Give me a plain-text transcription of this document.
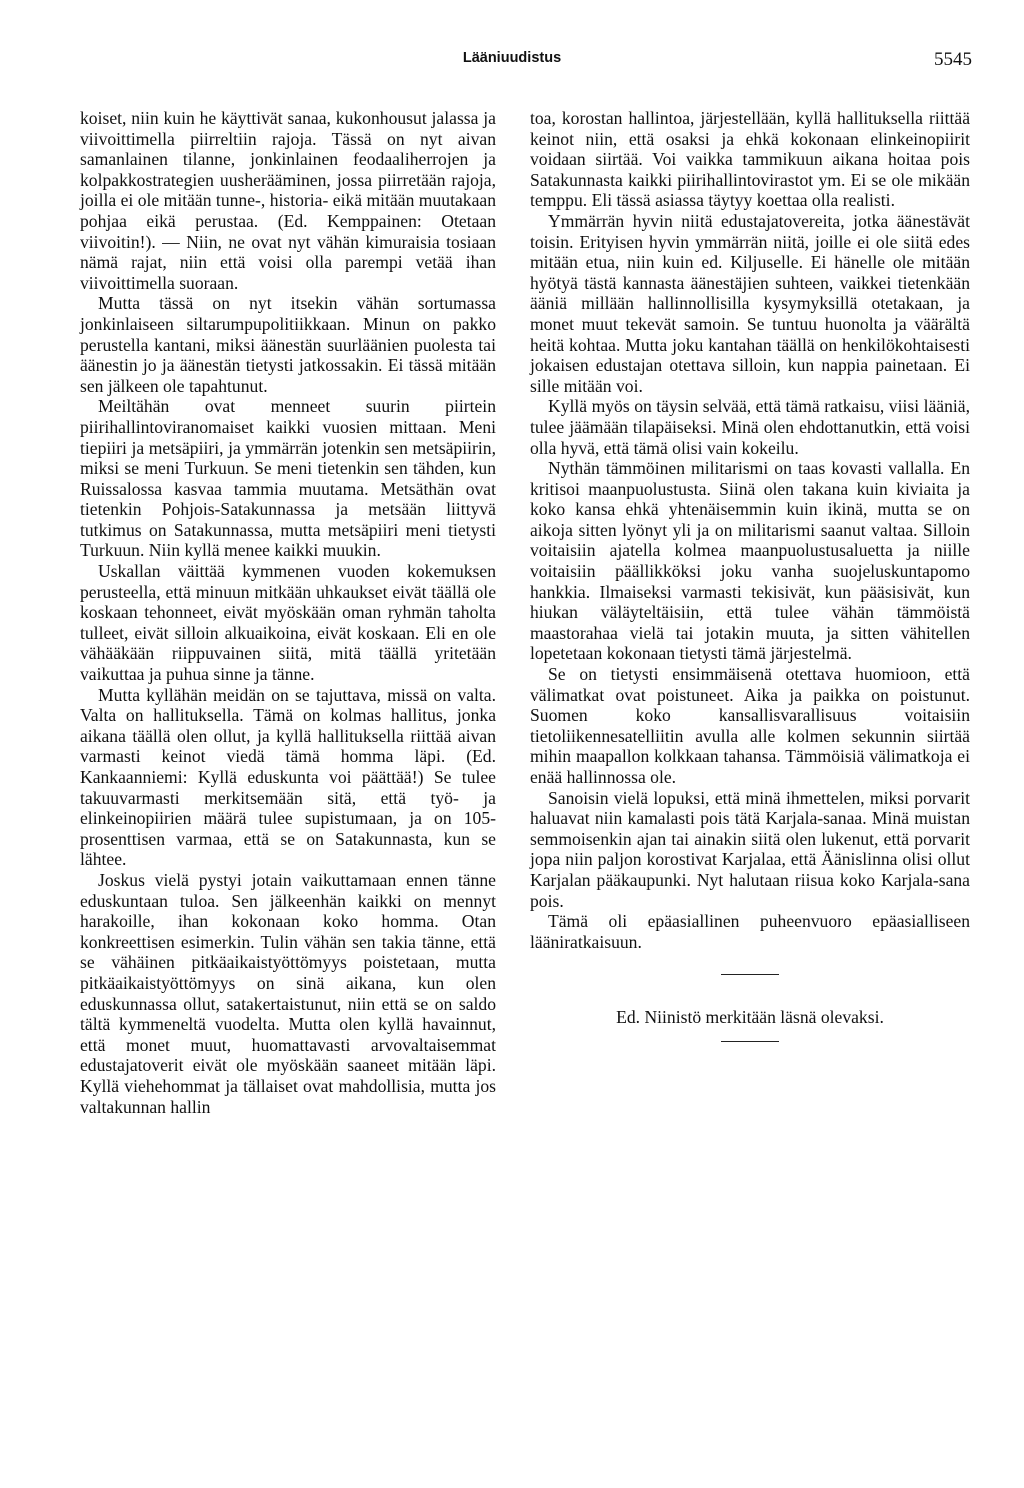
Lääniuudistus	5545

koiset, niin kuin he käyttivät sanaa, kukonhousut jalassa ja viivoittimella piirreltiin rajoja. Tässä on nyt aivan samanlainen tilanne, jonkinlainen feodaaliherrojen ja kolpakkostrategien uusherääminen, jossa piirretään rajoja, joilla ei ole mitään tunne-, historia- eikä mitään muutakaan pohjaa eikä perustaa. (Ed. Kemppainen: Otetaan viivoitin!). — Niin, ne ovat nyt vähän kimuraisia tosiaan nämä rajat, niin että voisi olla parempi vetää ihan viivoittimella suoraan.

Mutta tässä on nyt itsekin vähän sortumassa jonkinlaiseen siltarumpupolitiikkaan. Minun on pakko perustella kantani, miksi äänestän suurläänien puolesta tai äänestin jo ja äänestän tietysti jatkossakin. Ei tässä mitään sen jälkeen ole tapahtunut.

Meiltähän ovat menneet suurin piirtein piirihallintoviranomaiset kaikki vuosien mittaan. Meni tiepiiri ja metsäpiiri, ja ymmärrän jotenkin sen metsäpiirin, miksi se meni Turkuun. Se meni tietenkin sen tähden, kun Ruissalossa kasvaa tammia muutama. Metsäthän ovat tietenkin Pohjois-Satakunnassa ja metsään liittyvä tutkimus on Satakunnassa, mutta metsäpiiri meni tietysti Turkuun. Niin kyllä menee kaikki muukin.

Uskallan väittää kymmenen vuoden kokemuksen perusteella, että minuun mitkään uhkaukset eivät täällä ole koskaan tehonneet, eivät myöskään oman ryhmän taholta tulleet, eivät silloin alkuaikoina, eivät koskaan. Eli en ole vähääkään riippuvainen siitä, mitä täällä yritetään vaikuttaa ja puhua sinne ja tänne.

Mutta kyllähän meidän on se tajuttava, missä on valta. Valta on hallituksella. Tämä on kolmas hallitus, jonka aikana täällä olen ollut, ja kyllä hallituksella riittää aivan varmasti keinot viedä tämä homma läpi. (Ed. Kankaanniemi: Kyllä eduskunta voi päättää!) Se tulee takuuvarmasti merkitsemään sitä, että työ- ja elinkeinopiirien määrä tulee supistumaan, ja on 105-prosenttisen varmaa, että se on Satakunnasta, kun se lähtee.

Joskus vielä pystyi jotain vaikuttamaan ennen tänne eduskuntaan tuloa. Sen jälkeenhän kaikki on mennyt harakoille, ihan kokonaan koko homma. Otan konkreettisen esimerkin. Tulin vähän sen takia tänne, että se vähäinen pitkäaikaistyöttömyys poistetaan, mutta pitkäaikaistyöttömyys on sinä aikana, kun olen eduskunnassa ollut, satakertaistunut, niin että se on saldo tältä kymmeneltä vuodelta. Mutta olen kyllä havainnut, että monet muut, huomattavasti arvovaltaisemmat edustajatoverit eivät ole myöskään saaneet mitään läpi. Kyllä viehehommat ja tällaiset ovat mahdollisia, mutta jos valtakunnan hallin

toa, korostan hallintoa, järjestellään, kyllä hallituksella riittää keinot niin, että osaksi ja ehkä kokonaan elinkeinopiirit voidaan siirtää. Voi vaikka tammikuun aikana hoitaa pois Satakunnasta kaikki piirihallintovirastot ym. Ei se ole mikään temppu. Eli tässä asiassa täytyy koettaa olla realisti.

Ymmärrän hyvin niitä edustajatovereita, jotka äänestävät toisin. Erityisen hyvin ymmärrän niitä, joille ei ole siitä edes mitään etua, niin kuin ed. Kiljuselle. Ei hänelle ole mitään hyötyä tästä kannasta äänestäjien suhteen, vaikkei tietenkään ääniä millään hallinnollisilla kysymyksillä otetakaan, ja monet muut tekevät samoin. Se tuntuu huonolta ja väärältä heitä kohtaa. Mutta joku kantahan täällä on henkilökohtaisesti jokaisen edustajan otettava silloin, kun nappia painetaan. Ei sille mitään voi.

Kyllä myös on täysin selvää, että tämä ratkaisu, viisi lääniä, tulee jäämään tilapäiseksi. Minä olen ehdottanutkin, että voisi olla hyvä, että tämä olisi vain kokeilu.

Nythän tämmöinen militarismi on taas kovasti vallalla. En kritisoi maanpuolustusta. Siinä olen takana kuin kiviaita ja koko kansa ehkä yhtenäisemmin kuin ikinä, mutta se on aikoja sitten lyönyt yli ja on militarismi saanut valtaa. Silloin voitaisiin ajatella kolmea maanpuolustusaluetta ja niille voitaisiin päällikköksi joku vanha suojeluskuntapomo hankkia. Ilmaiseksi varmasti tekisivät, kun pääsisivät, kun hiukan väläyteltäisiin, että tulee vähän tämmöistä maastorahaa vielä tai jotakin muuta, ja sitten vähitellen lopetetaan kokonaan tietysti tämä järjestelmä.

Se on tietysti ensimmäisenä otettava huomioon, että välimatkat ovat poistuneet. Aika ja paikka on poistunut. Suomen koko kansallisvarallisuus voitaisiin tietoliikennesatelliitin avulla alle kolmen sekunnin siirtää mihin maapallon kolkkaan tahansa. Tämmöisiä välimatkoja ei enää hallinnossa ole.

Sanoisin vielä lopuksi, että minä ihmettelen, miksi porvarit haluavat niin kamalasti pois tätä Karjala-sanaa. Minä muistan semmoisenkin ajan tai ainakin siitä olen lukenut, että porvarit jopa niin paljon korostivat Karjalaa, että Äänislinna olisi ollut Karjalan pääkaupunki. Nyt halutaan riisua koko Karjala-sana pois.

Tämä oli epäasiallinen puheenvuoro epäasialliseen lääniratkaisuun.

Ed. Niinistö merkitään läsnä olevaksi.
